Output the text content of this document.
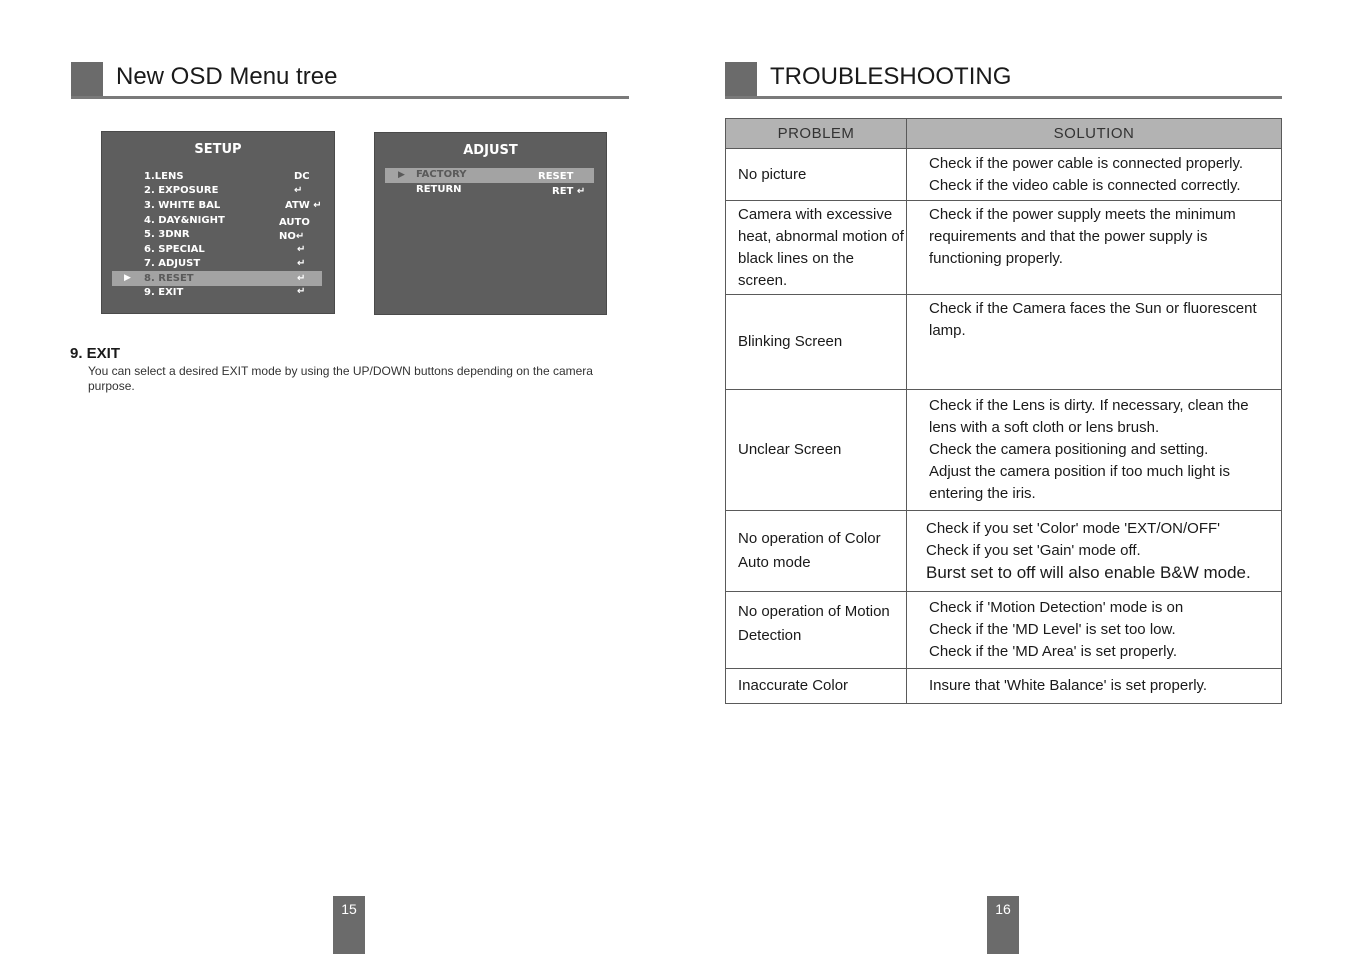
New OSD Menu tree
SETUP
▶
1.LENS	DC
2. EXPOSURE	↵
3. WHITE BAL	ATW ↵
4. DAY&NIGHT	AUTO
5. 3DNR	NO↵
6. SPECIAL	↵
7. ADJUST	↵
8. RESET	↵
9. EXIT	↵
ADJUST
▶ FACTORY	RESET
RETURN	RET ↵
9. EXIT
You can select a desired EXIT mode by using the UP/DOWN buttons depending on the camera purpose.
15
TROUBLESHOOTING
PROBLEM	SOLUTION
No picture	Check if the power cable is connected properly.
Check if the video cable is connected correctly.

Camera with excessive heat, abnormal motion of black lines on the screen.	Check if the power supply meets the minimum requirements and that the power supply is functioning properly.

Blinking Screen	Check if the Camera faces the Sun or fluorescent lamp.

Unclear Screen	Check if the Lens is dirty. If necessary, clean the lens with a soft cloth or lens brush.
Check the camera positioning and setting.
Adjust the camera position if too much light is entering the iris.

No operation of Color Auto mode	Check if you set 'Color' mode 'EXT/ON/OFF'
Check if you set 'Gain' mode off.
Burst set to off will also enable B&W mode.

No operation of Motion Detection	Check if 'Motion Detection' mode is on
Check if the 'MD Level' is set too low.
Check if the 'MD Area' is set properly.

Inaccurate Color	Insure that 'White Balance' is set properly.
16
